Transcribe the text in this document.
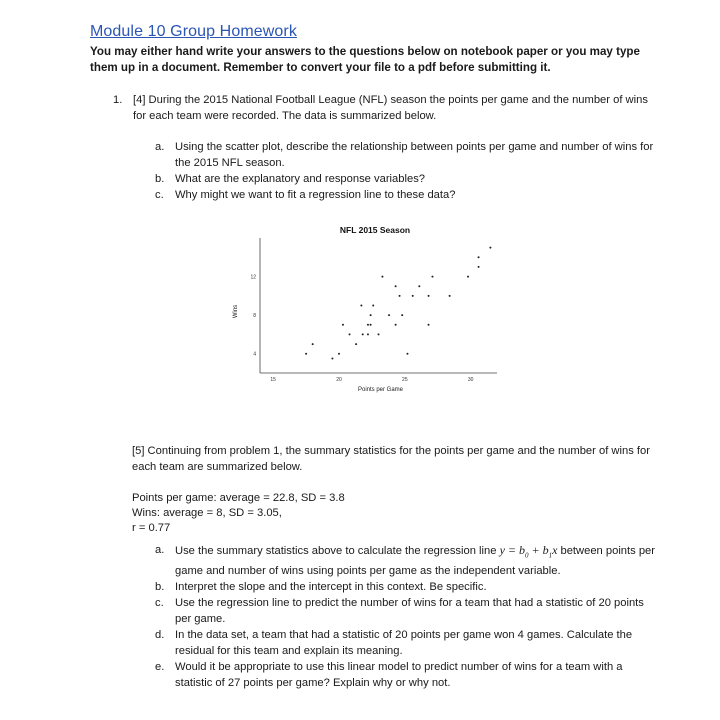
Module 10 Group Homework
You may either hand write your answers to the questions below on notebook paper or you may type them up in a document. Remember to convert your file to a pdf before submitting it.
1. [4] During the 2015 National Football League (NFL) season the points per game and the number of wins for each team were recorded. The data is summarized below.
a. Using the scatter plot, describe the relationship between points per game and number of wins for the 2015 NFL season.
b. What are the explanatory and response variables?
c. Why might we want to fit a regression line to these data?
NFL 2015 Season
Points per Game
Wins
15	20	25	30
4
8
12
[5] Continuing from problem 1, the summary statistics for the points per game and the number of wins for each team are summarized below.
Points per game: average = 22.8, SD = 3.8
Wins: average = 8, SD = 3.05,
r = 0.77
a. Use the summary statistics above to calculate the regression line $y = b_0 + b_1x$ between points per game and number of wins using points per game as the independent variable.
b. Interpret the slope and the intercept in this context. Be specific.
c. Use the regression line to predict the number of wins for a team that had a statistic of 20 points per game.
d. In the data set, a team that had a statistic of 20 points per game won 4 games. Calculate the residual for this team and explain its meaning.
e. Would it be appropriate to use this linear model to predict number of wins for a team with a statistic of 27 points per game? Explain why or why not.
